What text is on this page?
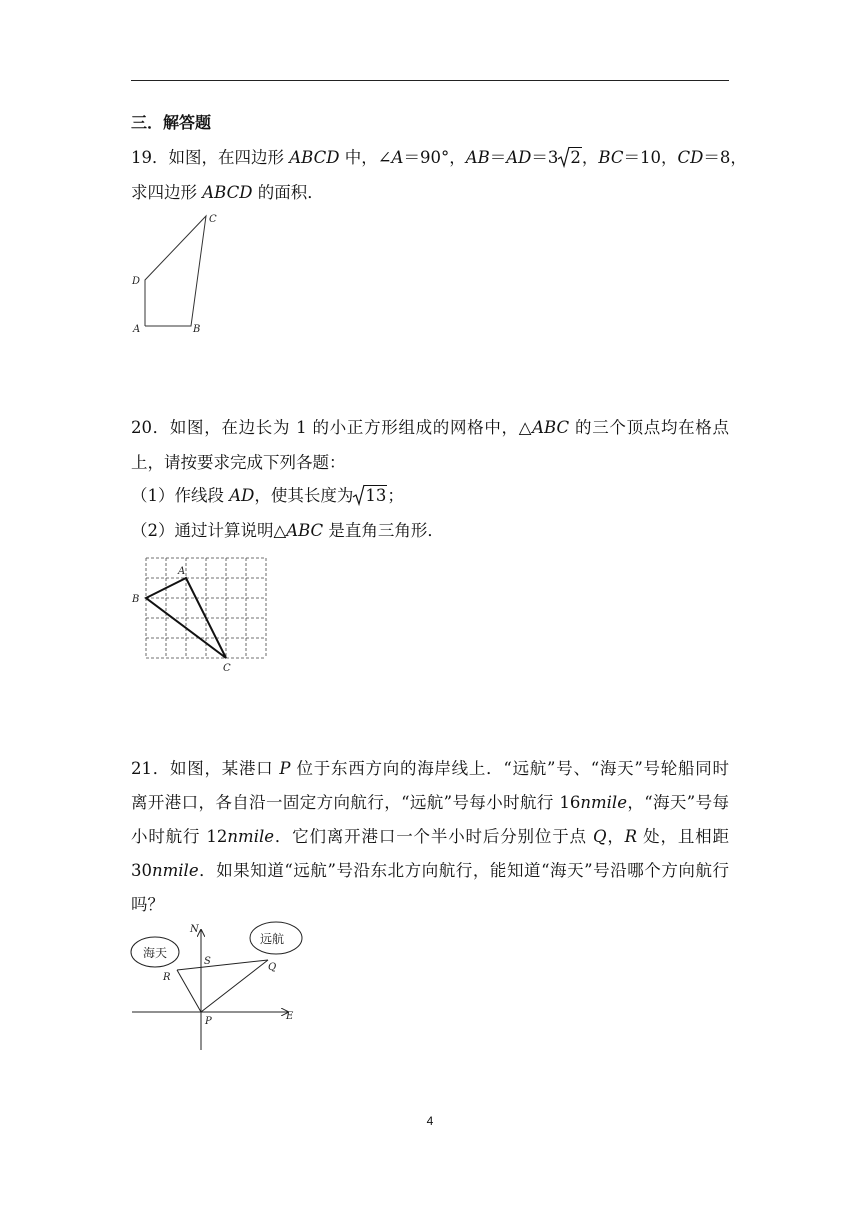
三．解答题
19．如图，在四边形 ABCD 中，∠A＝90°，AB＝AD＝3 2，BC＝10，CD＝8，
求四边形 ABCD 的面积．
C
D
A	B
20．如图，在边长为 1 的小正方形组成的网格中，△ABC 的三个顶点均在格点
上，请按要求完成下列各题：
（1）作线段 AD，使其长度为 13；
（2）通过计算说明△ABC 是直角三角形．
A
B
C
21．如图，某港口 P 位于东西方向的海岸线上．“远航”号、“海天”号轮船同时
离开港口，各自沿一固定方向航行，“远航”号每小时航行 16nmile，“海天”号每
小时航行 12nmile．它们离开港口一个半小时后分别位于点 Q，R 处，且相距
30nmile．如果知道“远航”号沿东北方向航行，能知道“海天”号沿哪个方向航行
吗？
海天
远航
N
E
S
P
Q
R
4
